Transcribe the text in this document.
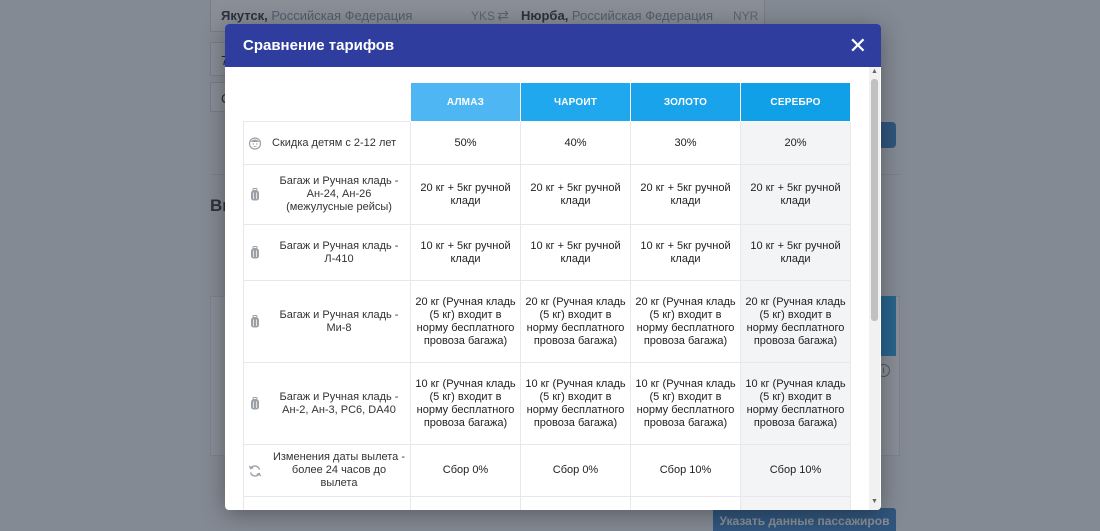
Сравнение тарифов	✕
	АЛМАЗ	ЧАРОИТ	ЗОЛОТО	СЕРЕБРО

Скидка детям с 2-12 лет	50%	40%	30%	20%

Багаж и Ручная кладь - Ан-24, Ан-26 (межулусные рейсы)	20 кг + 5кг ручной клади	20 кг + 5кг ручной клади	20 кг + 5кг ручной клади	20 кг + 5кг ручной клади

Багаж и Ручная кладь - Л-410	10 кг + 5кг ручной клади	10 кг + 5кг ручной клади	10 кг + 5кг ручной клади	10 кг + 5кг ручной клади

Багаж и Ручная кладь - Ми-8	20 кг (Ручная кладь (5 кг) входит в норму бесплатного провоза багажа)	20 кг (Ручная кладь (5 кг) входит в норму бесплатного провоза багажа)	20 кг (Ручная кладь (5 кг) входит в норму бесплатного провоза багажа)	20 кг (Ручная кладь (5 кг) входит в норму бесплатного провоза багажа)

Багаж и Ручная кладь - Ан-2, Ан-3, PC6, DA40	10 кг (Ручная кладь (5 кг) входит в норму бесплатного провоза багажа)	10 кг (Ручная кладь (5 кг) входит в норму бесплатного провоза багажа)	10 кг (Ручная кладь (5 кг) входит в норму бесплатного провоза багажа)	10 кг (Ручная кладь (5 кг) входит в норму бесплатного провоза багажа)

Изменения даты вылета - более 24 часов до вылета	Сбор 0%	Сбор 0%	Сбор 10%	Сбор 10%

▲
▼
